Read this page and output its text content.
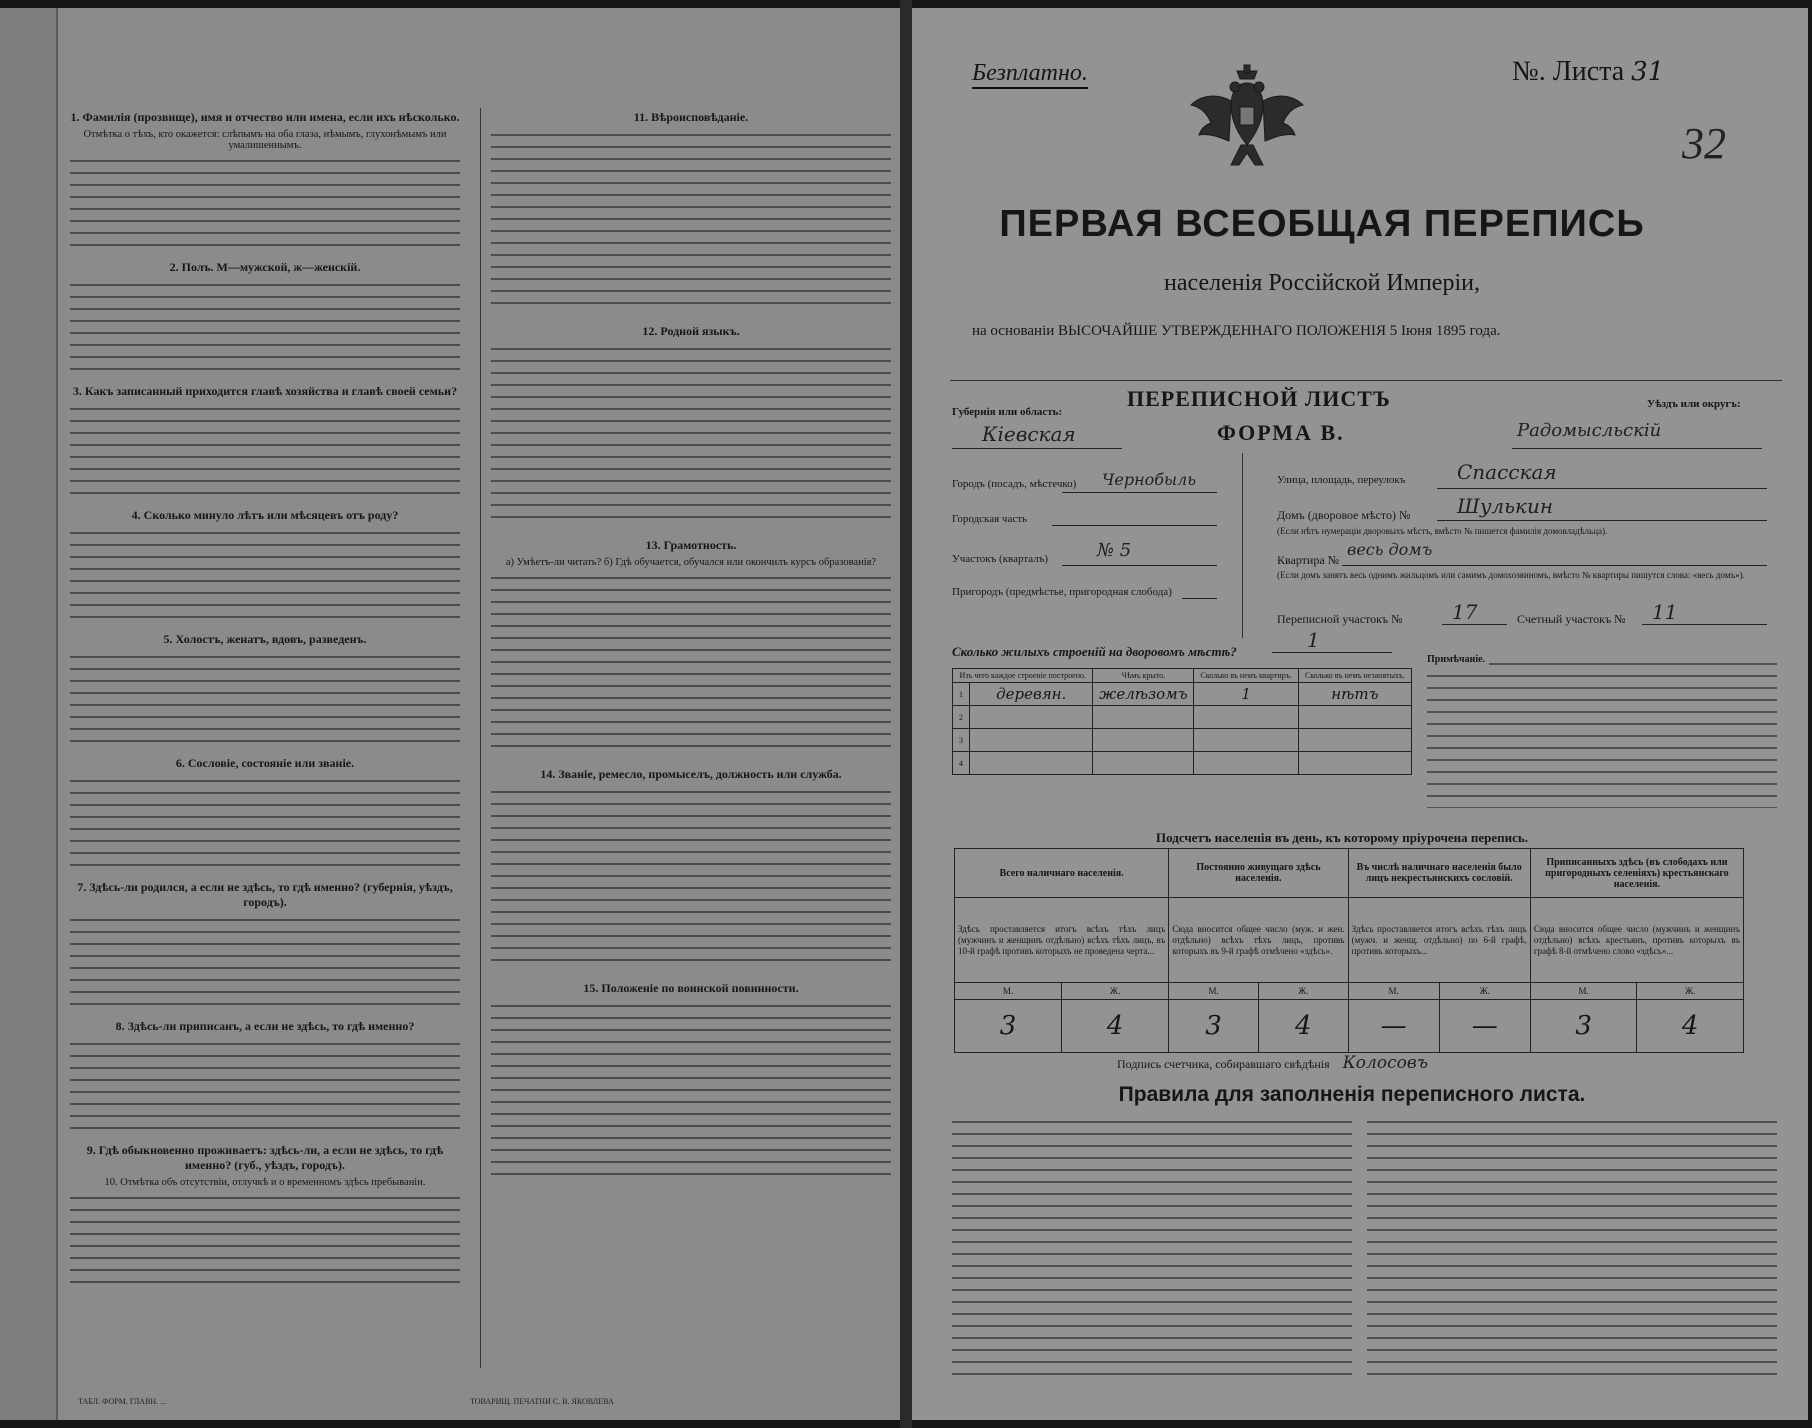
1. Фамилія (прозвище), имя и отчество или имена, если ихъ нѣсколько.
Отмѣтка о тѣхъ, кто окажется: слѣпымъ на оба глаза, нѣмымъ, глухонѣмымъ или умалишеннымъ.
2. Полъ. М—мужской, ж—женскій.
3. Какъ записанный приходится главѣ хозяйства и главѣ своей семьи?
4. Сколько минуло лѣтъ или мѣсяцевъ отъ роду?
5. Холостъ, женатъ, вдовъ, разведенъ.
6. Сословіе, состояніе или званіе.
7. Здѣсь-ли родился, а если не здѣсь, то гдѣ именно? (губернія, уѣздъ, городъ).
8. Здѣсь-ли приписанъ, а если не здѣсь, то гдѣ именно?
9. Гдѣ обыкновенно проживаетъ: здѣсь-ли, а если не здѣсь, то гдѣ именно? (губ., уѣздъ, городъ).
10. Отмѣтка объ отсутствіи, отлучкѣ и о временномъ здѣсь пребываніи.
11. Вѣроисповѣданіе.
12. Родной языкъ.
13. Грамотность.
а) Умѣетъ-ли читать? б) Гдѣ обучается, обучался или окончилъ курсъ образованія?
14. Званіе, ремесло, промыселъ, должность или служба.
15. Положеніе по воинской повинности.
ТАБЛ. ФОРМ. ГЛАВН. ...	ТОВАРИЩ. ПЕЧАТНИ С. В. ЯКОВЛЕВА
Безплатно.	№. Листа 31
32
ПЕРВАЯ ВСЕОБЩАЯ ПЕРЕПИСЬ
населенія Россійской Имперіи,
на основаніи ВЫСОЧАЙШЕ УТВЕРЖДЕННАГО ПОЛОЖЕНІЯ 5 Іюня 1895 года.
ПЕРЕПИСНОЙ ЛИСТЪ
ФОРМА В.
Губернія или область:
Кіевская
Уѣздъ или округъ:
Радомысльскій
Городъ (посадъ, мѣстечко) Чернобыль
Городская часть
Участокъ (кварталъ)	№ 5
Пригородъ (предмѣстье, пригородная слобода)
Улица, площадь, переулокъ	Спасская
Домъ (дворовое мѣсто) № Шулькин
(Если нѣтъ нумераціи дворовыхъ мѣстъ, вмѣсто № пишется фамилія домовладѣльца).
Квартира №
весь домъ
(Если домъ занятъ весь однимъ жильцомъ или самимъ домохозяиномъ, вмѣсто № квартиры пишутся слова: «весь домъ»).
Переписной участокъ № 17	Счетный участокъ № 11
Сколько жилыхъ строеній на дворовомъ мѣстѣ?	1
Примѣчаніе.
Изъ чего каждое строеніе построено.		Чѣмъ крыто.	Сколько въ немъ квартиръ.	Сколько въ немъ незанятыхъ.
1	деревян.	желѣзомъ	1	нѣтъ
2				
3				
4				
Подсчетъ населенія въ день, къ которому пріурочена перепись.
Всего наличнаго населенія.		Постоянно живущаго здѣсь населенія.		Въ числѣ наличнаго населенія было лицъ некрестьянскихъ сословій.		Приписанныхъ здѣсь (въ слободахъ или пригородныхъ селеніяхъ) крестьянскаго населенія.	
Здѣсь проставляется итогъ всѣхъ тѣхъ лицъ (мужчинъ и женщинъ отдѣльно) всѣхъ тѣхъ лицъ, въ 10-й графѣ противъ которыхъ не проведена черта...		Сюда вносится общее число (муж. и жен. отдѣльно) всѣхъ тѣхъ лицъ, противъ которыхъ въ 9-й графѣ отмѣчено «здѣсь».		Здѣсь проставляется итогъ всѣхъ тѣхъ лицъ (мужч. и женщ. отдѣльно) по 6-й графѣ, противъ которыхъ...		Сюда вносится общее число (мужчинъ и женщинъ отдѣльно) всѣхъ крестьянъ, противъ которыхъ въ графѣ 8-й отмѣчено слово «здѣсь»...	
М.	Ж.	М.	Ж.	М.	Ж.	М.	Ж.
3	4	3	4	—	—	3	4
Подпись счетчика, собиравшаго свѣдѣнія Колосовъ
Правила для заполненія переписного листа.
